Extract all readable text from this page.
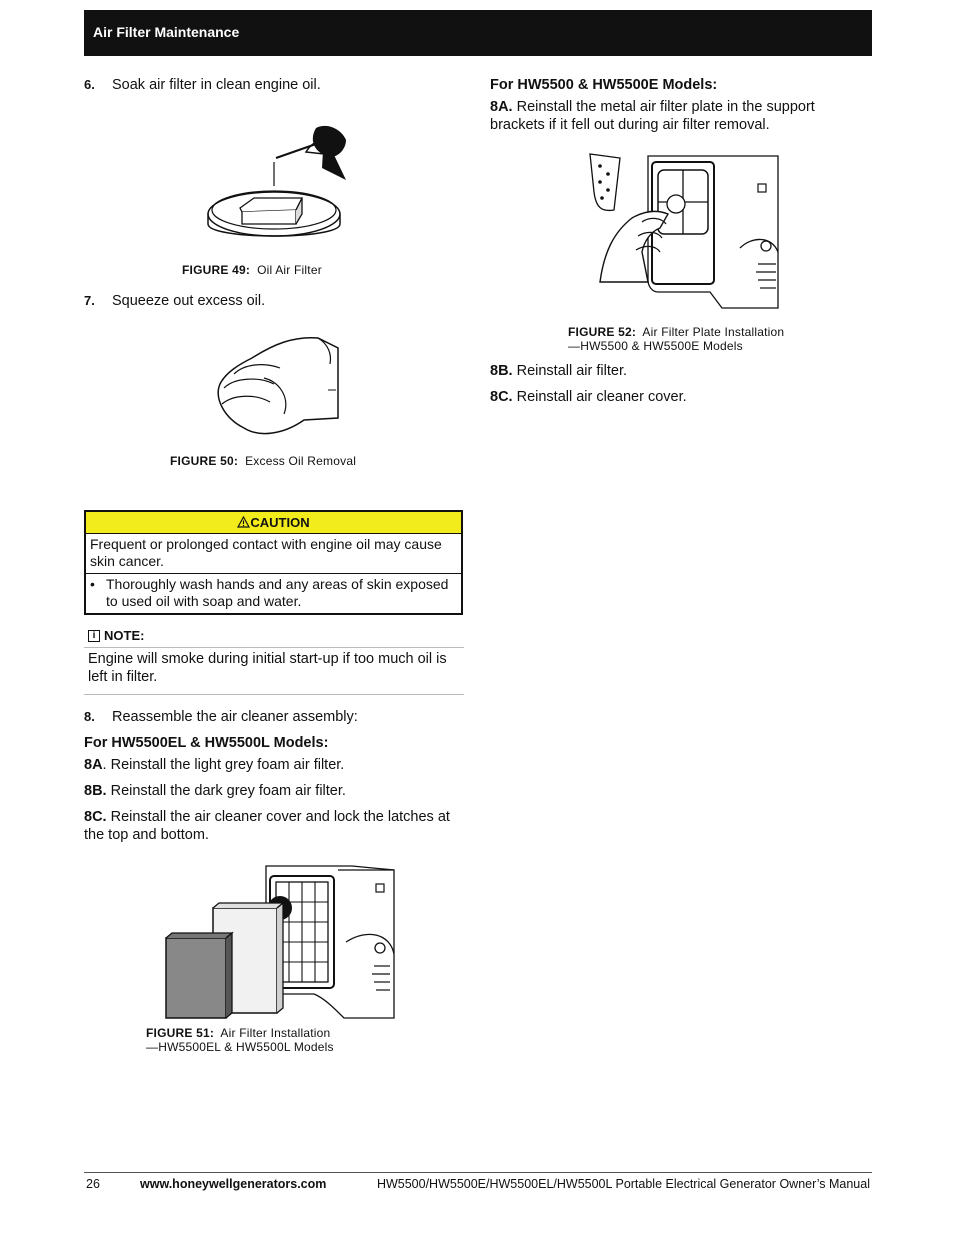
Air Filter Maintenance
6. Soak air filter in clean engine oil.
FIGURE 49: Oil Air Filter
7. Squeeze out excess oil.
FIGURE 50: Excess Oil Removal
CAUTION
Frequent or prolonged contact with engine oil may cause skin cancer.
• Thoroughly wash hands and any areas of skin exposed to used oil with soap and water.
i NOTE:
Engine will smoke during initial start-up if too much oil is left in filter.
8. Reassemble the air cleaner assembly:
For HW5500EL & HW5500L Models:
8A. Reinstall the light grey foam air filter.
8B. Reinstall the dark grey foam air filter.
8C. Reinstall the air cleaner cover and lock the latches at the top and bottom.
FIGURE 51: Air Filter Installation
—HW5500EL & HW5500L Models
For HW5500 & HW5500E Models:
8A. Reinstall the metal air filter plate in the support brackets if it fell out during air filter removal.
FIGURE 52: Air Filter Plate Installation
—HW5500 & HW5500E Models
8B. Reinstall air filter.
8C. Reinstall air cleaner cover.
26	www.honeywellgenerators.com	HW5500/HW5500E/HW5500EL/HW5500L Portable Electrical Generator Owner’s Manual
